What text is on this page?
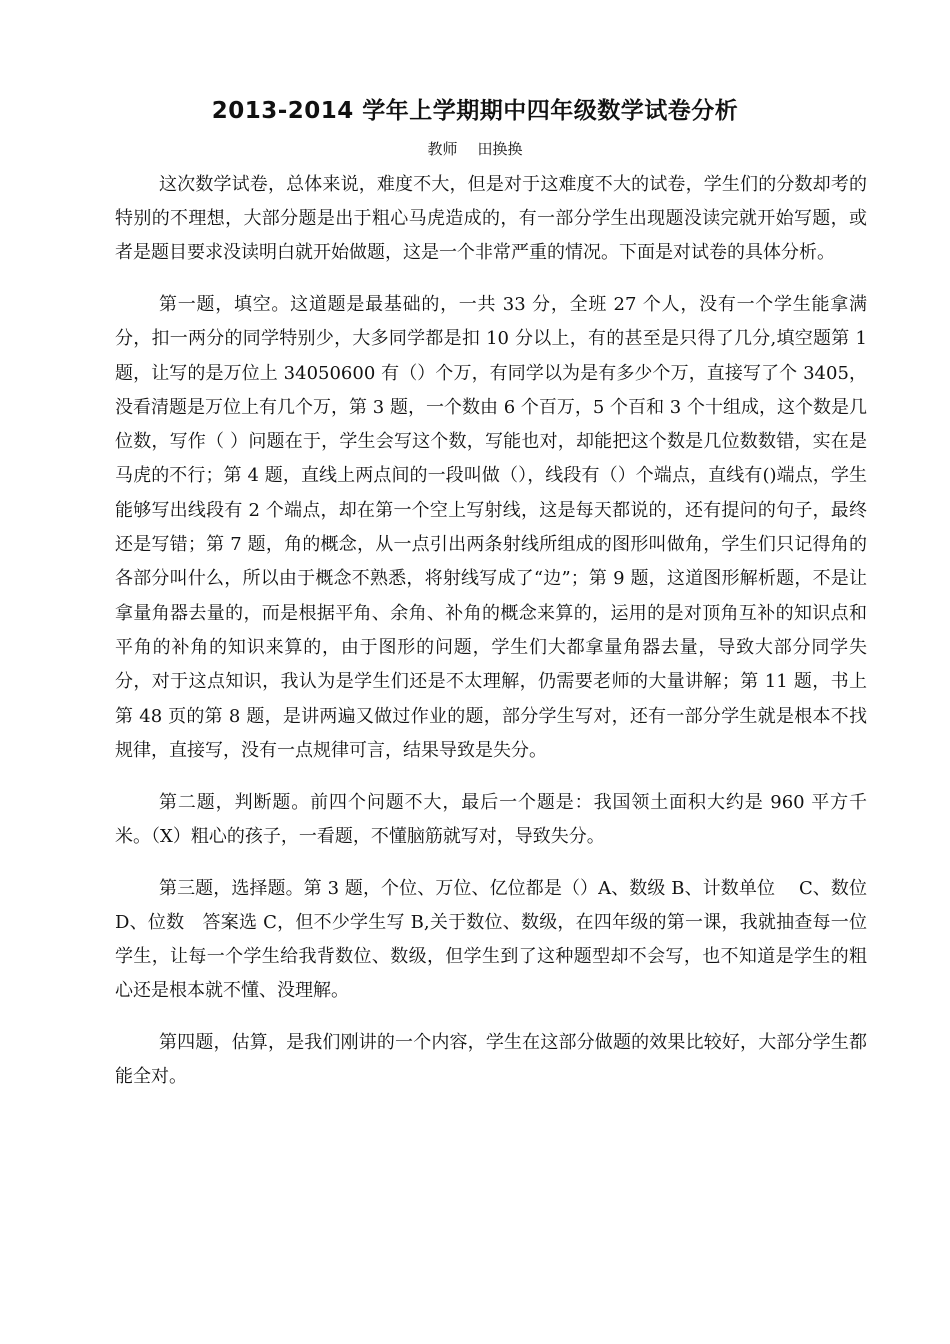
2013-2014 学年上学期期中四年级数学试卷分析

教师 田换换

这次数学试卷，总体来说，难度不大，但是对于这难度不大的试卷，学生们的分数却考的特别的不理想，大部分题是出于粗心马虎造成的，有一部分学生出现题没读完就开始写题，或者是题目要求没读明白就开始做题，这是一个非常严重的情况。下面是对试卷的具体分析。

第一题，填空。这道题是最基础的，一共 33 分，全班 27 个人，没有一个学生能拿满分，扣一两分的同学特别少，大多同学都是扣 10 分以上，有的甚至是只得了几分,填空题第 1 题，让写的是万位上 34050600 有（）个万，有同学以为是有多少个万，直接写了个 3405，没看清题是万位上有几个万，第 3 题，一个数由 6 个百万，5 个百和 3 个十组成，这个数是几位数，写作（ ）问题在于，学生会写这个数，写能也对，却能把这个数是几位数数错，实在是马虎的不行；第 4 题，直线上两点间的一段叫做（），线段有（）个端点，直线有()端点，学生能够写出线段有 2 个端点，却在第一个空上写射线，这是每天都说的，还有提问的句子，最终还是写错；第 7 题，角的概念，从一点引出两条射线所组成的图形叫做角，学生们只记得角的各部分叫什么，所以由于概念不熟悉，将射线写成了“边”；第 9 题，这道图形解析题，不是让拿量角器去量的，而是根据平角、余角、补角的概念来算的，运用的是对顶角互补的知识点和平角的补角的知识来算的，由于图形的问题，学生们大都拿量角器去量，导致大部分同学失分，对于这点知识，我认为是学生们还是不太理解，仍需要老师的大量讲解；第 11 题，书上第 48 页的第 8 题，是讲两遍又做过作业的题，部分学生写对，还有一部分学生就是根本不找规律，直接写，没有一点规律可言，结果导致是失分。

第二题，判断题。前四个问题不大，最后一个题是：我国领土面积大约是 960 平方千米。（X）粗心的孩子，一看题，不懂脑筋就写对，导致失分。

第三题，选择题。第 3 题，个位、万位、亿位都是（）A、数级 B、计数单位　 C、数位　 D、位数　答案选 C，但不少学生写 B,关于数位、数级，在四年级的第一课，我就抽查每一位学生，让每一个学生给我背数位、数级，但学生到了这种题型却不会写，也不知道是学生的粗心还是根本就不懂、没理解。

第四题，估算，是我们刚讲的一个内容，学生在这部分做题的效果比较好，大部分学生都能全对。
